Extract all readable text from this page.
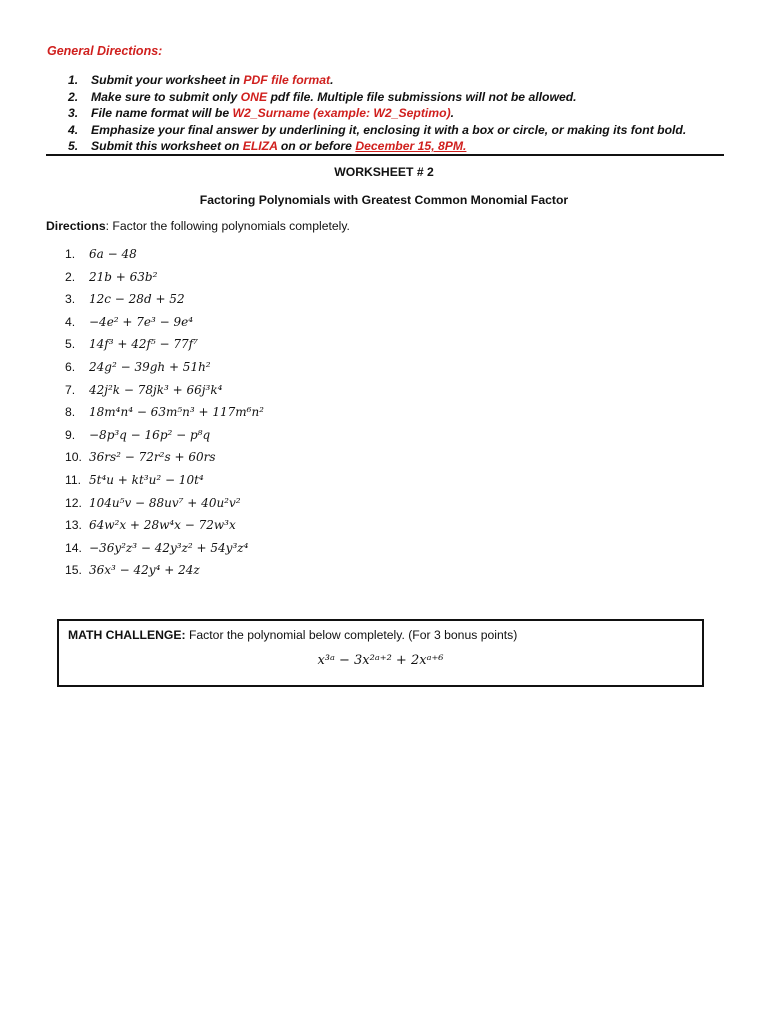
General Directions:
1. Submit your worksheet in PDF file format.
2. Make sure to submit only ONE pdf file. Multiple file submissions will not be allowed.
3. File name format will be W2_Surname (example: W2_Septimo).
4. Emphasize your final answer by underlining it, enclosing it with a box or circle, or making its font bold.
5. Submit this worksheet on ELIZA on or before December 15, 8PM.
WORKSHEET # 2
Factoring Polynomials with Greatest Common Monomial Factor
Directions: Factor the following polynomials completely.
1. 6a − 48
2. 21b + 63b²
3. 12c − 28d + 52
4. −4e² + 7e³ − 9e⁴
5. 14f³ + 42f⁵ − 77f⁷
6. 24g² − 39gh + 51h²
7. 42j²k − 78jk³ + 66j³k⁴
8. 18m⁴n⁴ − 63m⁵n³ + 117m⁶n²
9. −8p³q − 16p² − p⁸q
10. 36rs² − 72r²s + 60rs
11. 5t⁴u + kt³u² − 10t⁴
12. 104u⁵v − 88uv⁷ + 40u²v²
13. 64w²x + 28w⁴x − 72w³x
14. −36y²z³ − 42y³z² + 54y³z⁴
15. 36x³ − 42y⁴ + 24z
MATH CHALLENGE: Factor the polynomial below completely. (For 3 bonus points)
x³ᵃ − 3x²ᵃ⁺² + 2xᵃ⁺⁶
